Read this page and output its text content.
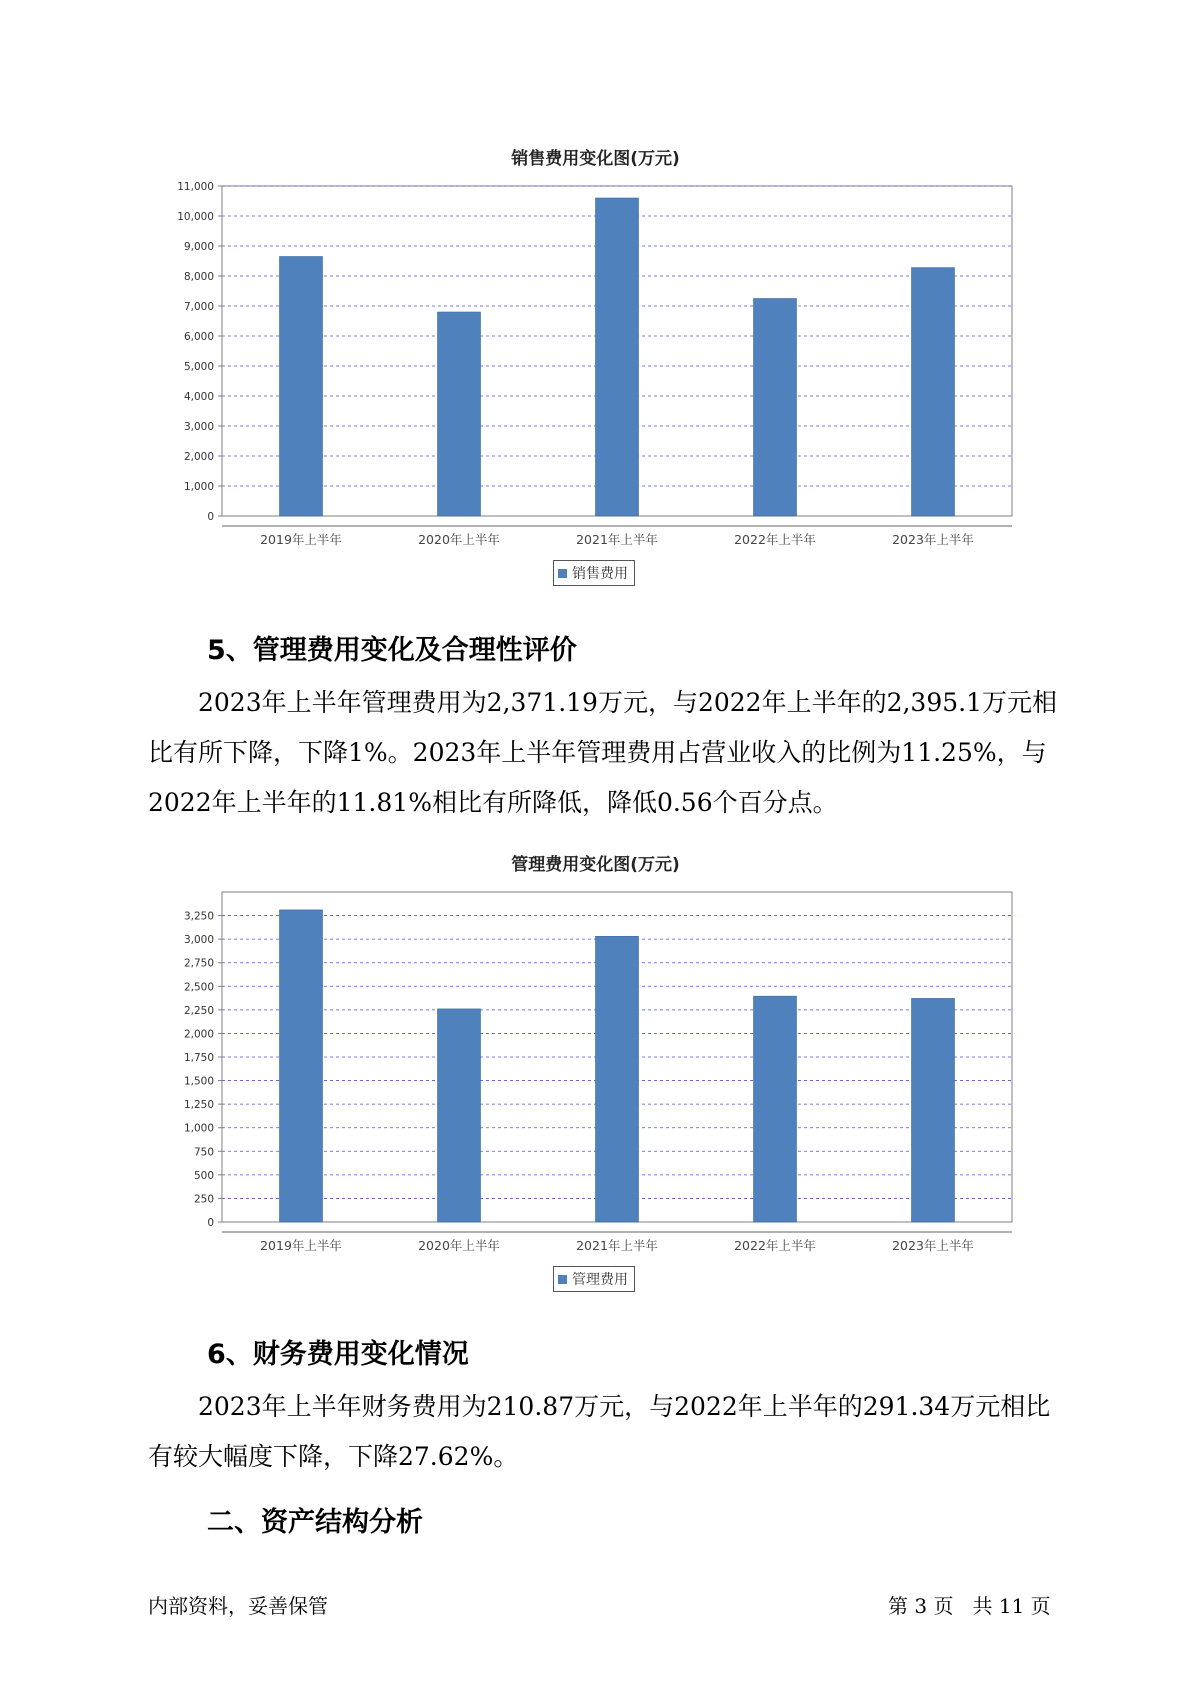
销售费用变化图(万元)
0
1,000
2,000
3,000
4,000
5,000
6,000
7,000
8,000
9,000
10,000
11,000
2019年上半年	2020年上半年	2021年上半年	2022年上半年	2023年上半年
销售费用
5、管理费用变化及合理性评价

2023年上半年管理费用为2,371.19万元，与2022年上半年的2,395.1万元相比有所下降，下降1%。2023年上半年管理费用占营业收入的比例为11.25%，与2022年上半年的11.81%相比有所降低，降低0.56个百分点。

管理费用变化图(万元)
0
250
500
750
1,000
1,250
1,500
1,750
2,000
2,250
2,500
2,750
3,000
3,250
2019年上半年	2020年上半年	2021年上半年	2022年上半年	2023年上半年
管理费用
6、财务费用变化情况

2023年上半年财务费用为210.87万元，与2022年上半年的291.34万元相比有较大幅度下降，下降27.62%。

二、资产结构分析
内部资料，妥善保管	第 3 页   共 11 页
